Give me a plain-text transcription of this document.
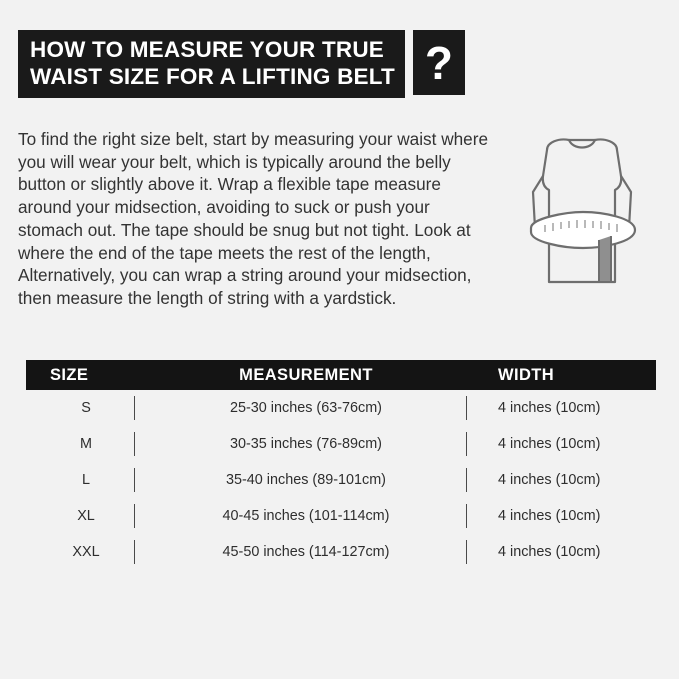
HOW TO MEASURE YOUR TRUE
WAIST SIZE FOR A LIFTING BELT ?
To find the right size belt, start by measuring your waist where you will wear your belt, which is typically around the belly button or slightly above it. Wrap a flexible tape measure around your midsection, avoiding to suck or push your stomach out. The tape should be snug but not tight. Look at where the end of the tape meets the rest of the length, Alternatively, you can wrap a string around your midsection, then measure the length of string with a yardstick.
SIZE	MEASUREMENT	WIDTH
S	25-30 inches (63-76cm)	4 inches (10cm)
M	30-35 inches (76-89cm)	4 inches (10cm)
L	35-40 inches (89-101cm)	4 inches (10cm)
XL	40-45 inches (101-114cm)	4 inches (10cm)
XXL	45-50 inches (114-127cm)	4 inches (10cm)
